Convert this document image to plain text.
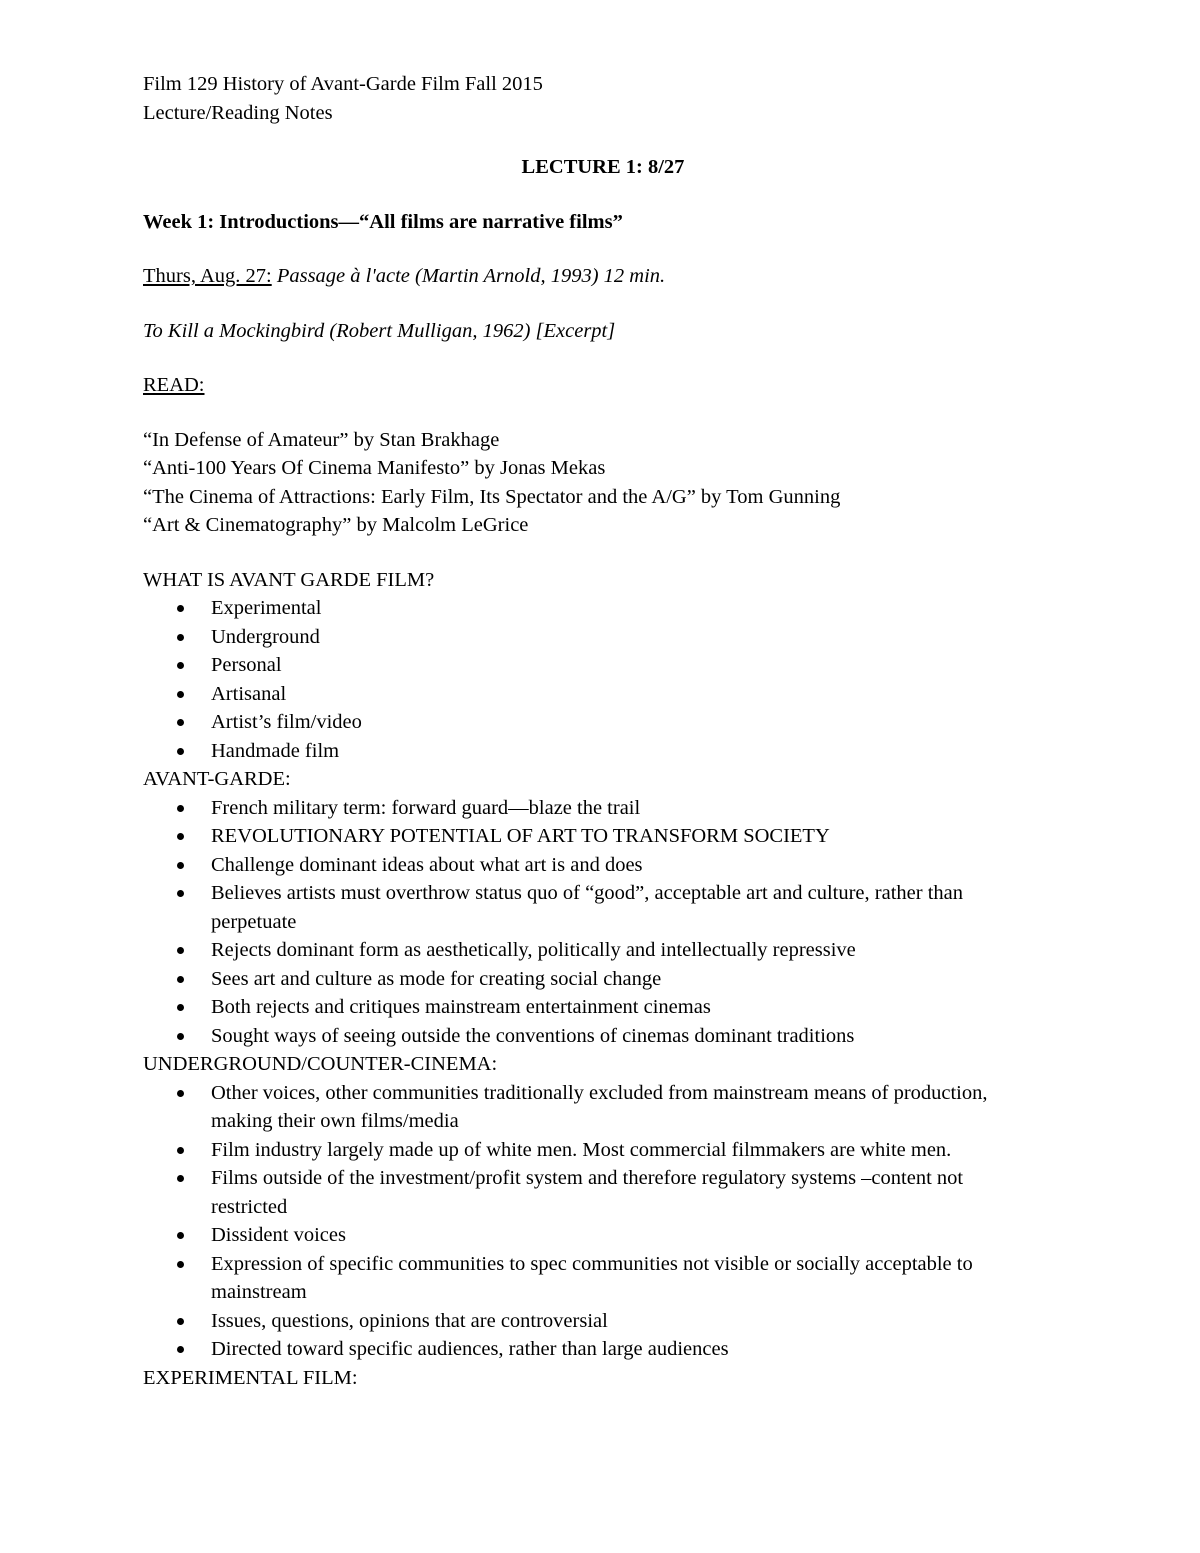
Film 129 History of Avant-Garde Film Fall 2015

Lecture/Reading Notes

LECTURE 1: 8/27

Week 1: Introductions—“All films are narrative films”

Thurs, Aug. 27: Passage à l'acte (Martin Arnold, 1993) 12 min.

To Kill a Mockingbird (Robert Mulligan, 1962) [Excerpt]

READ:

“In Defense of Amateur” by Stan Brakhage

“Anti-100 Years Of Cinema Manifesto” by Jonas Mekas

“The Cinema of Attractions: Early Film, Its Spectator and the A/G” by Tom Gunning

“Art & Cinematography” by Malcolm LeGrice

WHAT IS AVANT GARDE FILM?

Experimental
Underground
Personal
Artisanal
Artist’s film/video
Handmade film

AVANT-GARDE:

French military term: forward guard—blaze the trail
REVOLUTIONARY POTENTIAL OF ART TO TRANSFORM SOCIETY
Challenge dominant ideas about what art is and does
Believes artists must overthrow status quo of “good”, acceptable art and culture, rather than perpetuate
Rejects dominant form as aesthetically, politically and intellectually repressive
Sees art and culture as mode for creating social change
Both rejects and critiques mainstream entertainment cinemas
Sought ways of seeing outside the conventions of cinemas dominant traditions

UNDERGROUND/COUNTER-CINEMA:

Other voices, other communities traditionally excluded from mainstream means of production, making their own films/media
Film industry largely made up of white men. Most commercial filmmakers are white men.
Films outside of the investment/profit system and therefore regulatory systems –content not restricted
Dissident voices
Expression of specific communities to spec communities not visible or socially acceptable to mainstream
Issues, questions, opinions that are controversial
Directed toward specific audiences, rather than large audiences

EXPERIMENTAL FILM:
